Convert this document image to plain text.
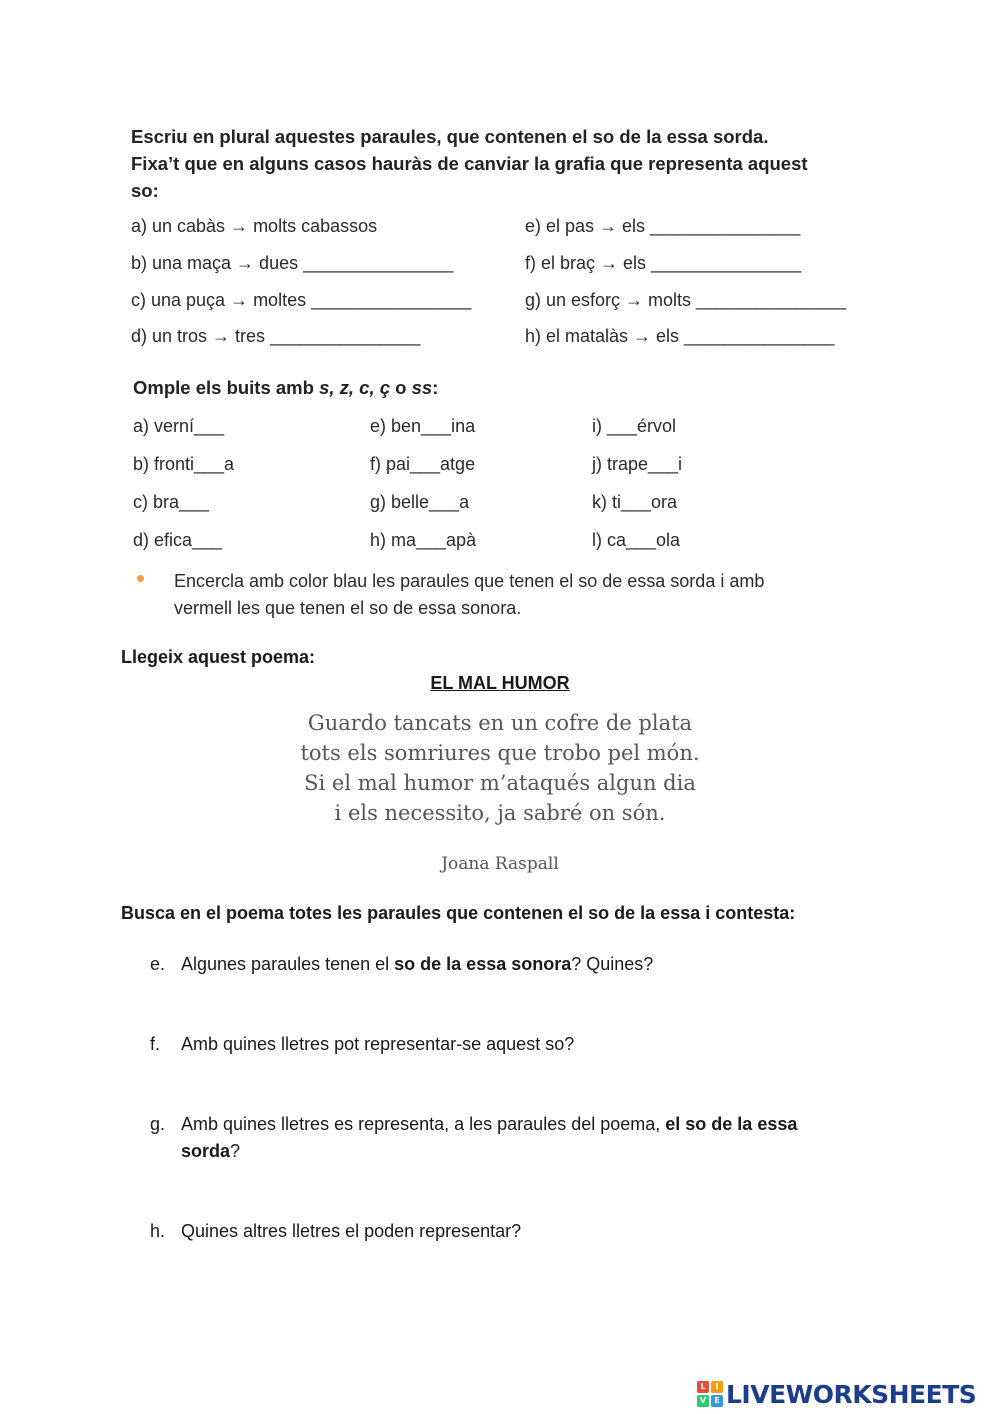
Escriu en plural aquestes paraules, que contenen el so de la essa sorda.
Fixa’t que en alguns casos hauràs de canviar la grafia que representa aquest
so:
a) un cabàs → molts cabassos
b) una maça → dues _______________
c) una puça → moltes ________________
d) un tros → tres _______________
e) el pas → els _______________
f) el braç → els _______________
g) un esforç → molts _______________
h) el matalàs → els _______________
Omple els buits amb s, z, c, ç o ss:
a) verní___
b) fronti___a
c) bra___
d) efica___
e) ben___ina
f) pai___atge
g) belle___a
h) ma___apà
i) ___érvol
j) trape___i
k) ti___ora
l) ca___ola
Encercla amb color blau les paraules que tenen el so de essa sorda i amb
vermell les que tenen el so de essa sonora.
Llegeix aquest poema:
EL MAL HUMOR
Guardo tancats en un cofre de plata
tots els somriures que trobo pel món.
Si el mal humor m’ataqués algun dia
i els necessito, ja sabré on són.
Joana Raspall
Busca en el poema totes les paraules que contenen el so de la essa i contesta:
e. Algunes paraules tenen el so de la essa sonora? Quines?
f. Amb quines lletres pot representar-se aquest so?
g. Amb quines lletres es representa, a les paraules del poema, el so de la essa
sorda?
h. Quines altres lletres el poden representar?
L	I
V	E LIVEWORKSHEETS
